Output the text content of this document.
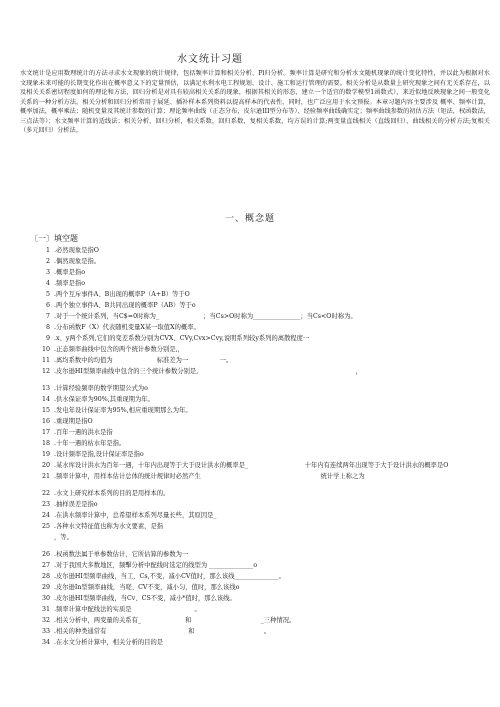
水文统计习题
水文统计是应用数理统计的方法寻求水文现象的统计规律，包括频率计算和相关分析、Pl归分析。频率计算是研究和分析水文随机现象的统计变化特性，并以此为根据对水文现象未来可能的长期变化作出在概率意义下的定量预估，以满足水利水电工程规划、设计、施工和运行管理的需要。相关分析是从数量上研究现象之间有无关系存在，以及相关关系密切程度如何的理论和方法，回归分析是对具有较高相关关系的现象，根据其相关的形态，建立一个适宜的数学模型1函数式），来近似地反映现象之间一般变化关系的一种分析方法。相关分析和回归分析常用于展延、插补样本系列资料以提高样本的代表性，同时，也广泛应用于水文预报。本章习题内容主要涉及 概率、频率计算，概率加法，概率乘法；随机变量及其统计参数的计算；理论频率曲线（正态分布，皮尔逊III型分布等）、经验频率曲线确实定；频率曲线参数的初估方法（矩法，权函数法，三点法等）；水文频率计算的适线法；相关分析、回归分析，相关系数，回归系数，复相关系数，均方误的计算;两变量直线相关（直线回归）、曲线相关的分析方法;复相关（多元回归）分析法。
一、概念题
〔一〕填空题
1 .必然现象是指O
2 .偶然现象是指。
3 .概率是指o
4 .频率是指o
5 .两个互斥事件A、B出现的概率P（A+B）等于O
6 .两个独立事件A、B共同出现的概率P（AB）等于o
7 .对于一个统计系列，当C$=0时称为_　　　　　　　；当Cs>O时称为_______________；当Cs<O时称为。
8 .分布函数F（X）代表随机变量X某一取值X的概率。
9 .x、y两个系列,它们的变差系数分别为CVX、CVy,Cvx>Cvy,说明系列较y系列的离散程度一
10 .正态频率曲线中包含的两个统计参数分别是,，
11 .离均系数中的均值为　　　　　　　标准差为一　　　　　一。
12 .皮尔逊HI型频率曲线中包含的三个统计参数分别是,　　　　　　　　　　　　　　　　　　　　　　　　　，
13 .计算经验频率的数学期望公式为o
14 .供水保证率为90%,其重现期为年。
15 .发电年设计保证率为95%,相应重现期那么为年。
16 .重现期是指O
17 .百年一遇的洪水是指
18 .十年一遇的枯水年是指。
19 .设计频率是指,设计保证率是指o
20 .某水库设计洪水为百年一遇，十年内出现等于大于设计洪水的概率是_　　　　　　　　　十年内有连续两年出现等于大于设计洪水的概率是O
21 .频率计算中，用样本估计总体的统计规律时必然产生　　　　　　　　　　　　　　　　　　　统计学上称之为
22 .水文上研究样本系列的目的是用样本的。
23 .抽样误差是指o
24 .在洪水频率计算中，总希望样本系列尽量长些，其原因是_
25 .各种水文特征值也称为水文要素，是指
，等。
26 .权函数法属于单参数估计，它所估算的参数为一
27 .对于我国大多数地区，频擊分析中配线时选定的线型为 ______________o
28 .皮尔逊HI型频率曲线，当工、Cs,不变，减小CV值时，那么该线______________。
29 .皮尔逊In型频率曲线，当嗟、CV不变，减小匀，值时，那么该线o
30 .皮尔逊HI型频率曲线，当Cv、CS不变，减小*值时，那么该线。
31 .频率计算中配线法的实质是　　　　　　　　　　。
32 .相关分析中，两变量的关系有_　　　　　　　和　　　　　　　　　　　_三种情况。
33 .相关的种类通常有　　　　　　　　　　　　　和　　　　　　　　　　　。
34 .在水文分析计算中，相关分析的目的是
